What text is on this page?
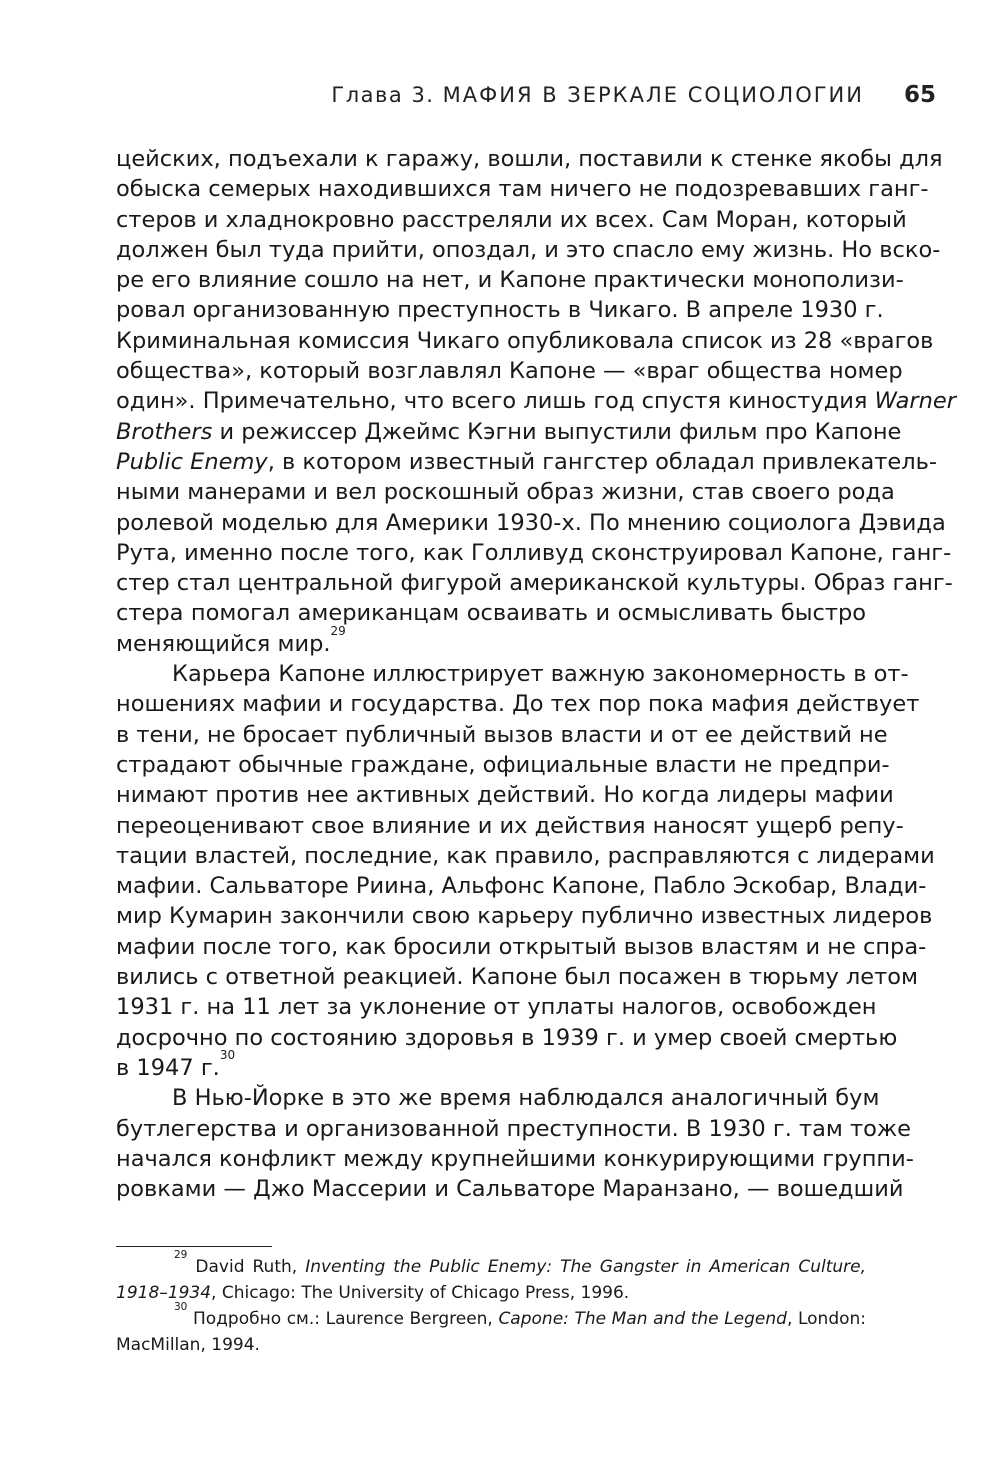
Глава 3. МАФИЯ В ЗЕРКАЛЕ СОЦИОЛОГИИ 65
цейских, подъехали к гаражу, вошли, поставили к стенке якобы для
обыска семерых находившихся там ничего не подозревавших ганг-
стеров и хладнокровно расстреляли их всех. Сам Моран, который
должен был туда прийти, опоздал, и это спасло ему жизнь. Но вско-
ре его влияние сошло на нет, и Капоне практически монополизи-
ровал организованную преступность в Чикаго. В апреле 1930 г.
Криминальная комиссия Чикаго опубликовала список из 28 «врагов
общества», который возглавлял Капоне — «враг общества номер
один». Примечательно, что всего лишь год спустя киностудия Warner
Brothers и режиссер Джеймс Кэгни выпустили фильм про Капоне
Public Enemy, в котором известный гангстер обладал привлекатель-
ными манерами и вел роскошный образ жизни, став своего рода
ролевой моделью для Америки 1930-х. По мнению социолога Дэвида
Рута, именно после того, как Голливуд сконструировал Капоне, ганг-
стер стал центральной фигурой американской культуры. Образ ганг-
стера помогал американцам осваивать и осмысливать быстро
меняющийся мир.$^{29}$
Карьера Капоне иллюстрирует важную закономерность в от-
ношениях мафии и государства. До тех пор пока мафия действует
в тени, не бросает публичный вызов власти и от ее действий не
страдают обычные граждане, официальные власти не предпри-
нимают против нее активных действий. Но когда лидеры мафии
переоценивают свое влияние и их действия наносят ущерб репу-
тации властей, последние, как правило, расправляются с лидерами
мафии. Сальваторе Риина, Альфонс Капоне, Пабло Эскобар, Влади-
мир Кумарин закончили свою карьеру публично известных лидеров
мафии после того, как бросили открытый вызов властям и не спра-
вились с ответной реакцией. Капоне был посажен в тюрьму летом
1931 г. на 11 лет за уклонение от уплаты налогов, освобожден
досрочно по состоянию здоровья в 1939 г. и умер своей смертью
в 1947 г.$^{30}$
В Нью-Йорке в это же время наблюдался аналогичный бум
бутлегерства и организованной преступности. В 1930 г. там тоже
начался конфликт между крупнейшими конкурирующими группи-
ровками — Джо Массерии и Сальваторе Маранзано, — вошедший
$^{29}$ David Ruth, Inventing the Public Enemy: The Gangster in American Culture, 1918–1934, Chicago: The University of Chicago Press, 1996.
$^{30}$ Подробно см.: Laurence Bergreen, Capone: The Man and the Legend, London: MacMillan, 1994.
